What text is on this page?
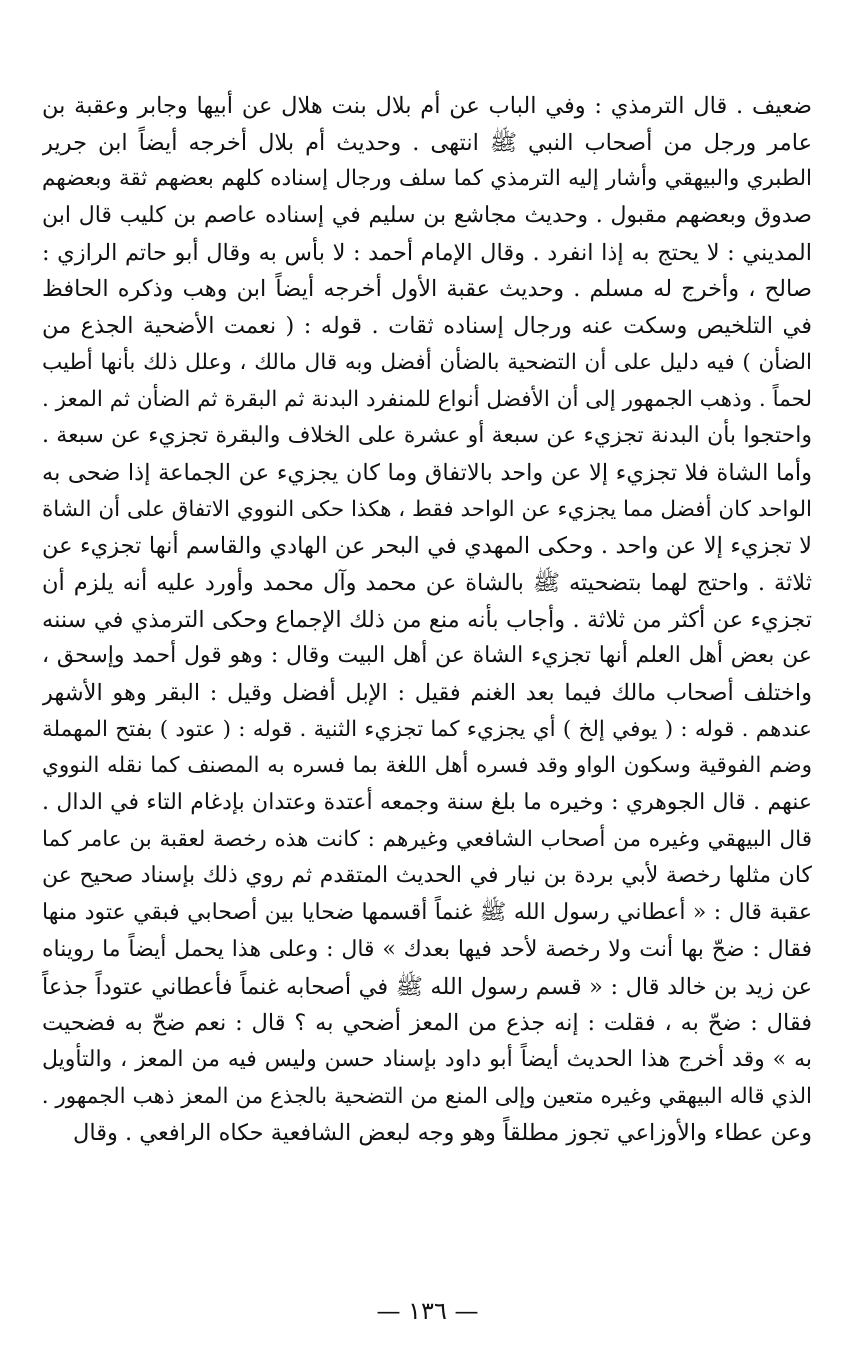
ضعيف . قال الترمذي : وفي الباب عن أم بلال بنت هلال عن أبيها وجابر وعقبة بن
عامر ورجل من أصحاب النبي ﷺ انتهى . وحديث أم بلال أخرجه أيضاً ابن جرير
الطبري والبيهقي وأشار إليه الترمذي كما سلف ورجال إسناده كلهم بعضهم ثقة وبعضهم
صدوق وبعضهم مقبول . وحديث مجاشع بن سليم في إسناده عاصم بن كليب قال ابن
المديني : لا يحتج به إذا انفرد . وقال الإمام أحمد : لا بأس به وقال أبو حاتم الرازي :
صالح ، وأخرج له مسلم . وحديث عقبة الأول أخرجه أيضاً ابن وهب وذكره الحافظ
في التلخيص وسكت عنه ورجال إسناده ثقات . قوله : ( نعمت الأضحية الجذع من
الضأن ) فيه دليل على أن التضحية بالضأن أفضل وبه قال مالك ، وعلل ذلك بأنها أطيب
لحماً . وذهب الجمهور إلى أن الأفضل أنواع للمنفرد البدنة ثم البقرة ثم الضأن ثم المعز .
واحتجوا بأن البدنة تجزيء عن سبعة أو عشرة على الخلاف والبقرة تجزيء عن سبعة .
وأما الشاة فلا تجزيء إلا عن واحد بالاتفاق وما كان يجزيء عن الجماعة إذا ضحى به
الواحد كان أفضل مما يجزيء عن الواحد فقط ، هكذا حكى النووي الاتفاق على أن الشاة
لا تجزيء إلا عن واحد . وحكى المهدي في البحر عن الهادي والقاسم أنها تجزيء عن
ثلاثة . واحتج لهما بتضحيته ﷺ بالشاة عن محمد وآل محمد وأورد عليه أنه يلزم أن
تجزيء عن أكثر من ثلاثة . وأجاب بأنه منع من ذلك الإجماع وحكى الترمذي في سننه
عن بعض أهل العلم أنها تجزيء الشاة عن أهل البيت وقال : وهو قول أحمد وإسحق ،
واختلف أصحاب مالك فيما بعد الغنم فقيل : الإبل أفضل وقيل : البقر وهو الأشهر
عندهم . قوله : ( يوفي إلخ ) أي يجزيء كما تجزيء الثنية . قوله : ( عتود ) بفتح المهملة
وضم الفوقية وسكون الواو وقد فسره أهل اللغة بما فسره به المصنف كما نقله النووي
عنهم . قال الجوهري : وخيره ما بلغ سنة وجمعه أعتدة وعتدان بإدغام التاء في الدال .
قال البيهقي وغيره من أصحاب الشافعي وغيرهم : كانت هذه رخصة لعقبة بن عامر كما
كان مثلها رخصة لأبي بردة بن نيار في الحديث المتقدم ثم روي ذلك بإسناد صحيح عن
عقبة قال : « أعطاني رسول الله ﷺ غنماً أقسمها ضحايا بين أصحابي فبقي عتود منها
فقال : ضحّ بها أنت ولا رخصة لأحد فيها بعدك » قال : وعلى هذا يحمل أيضاً ما رويناه
عن زيد بن خالد قال : « قسم رسول الله ﷺ في أصحابه غنماً فأعطاني عتوداً جذعاً
فقال : ضحّ به ، فقلت : إنه جذع من المعز أضحي به ؟ قال : نعم ضحّ به فضحيت
به » وقد أخرج هذا الحديث أيضاً أبو داود بإسناد حسن وليس فيه من المعز ، والتأويل
الذي قاله البيهقي وغيره متعين وإلى المنع من التضحية بالجذع من المعز ذهب الجمهور .
وعن عطاء والأوزاعي تجوز مطلقاً وهو وجه لبعض الشافعية حكاه الرافعي . وقال
— ١٣٦ —
